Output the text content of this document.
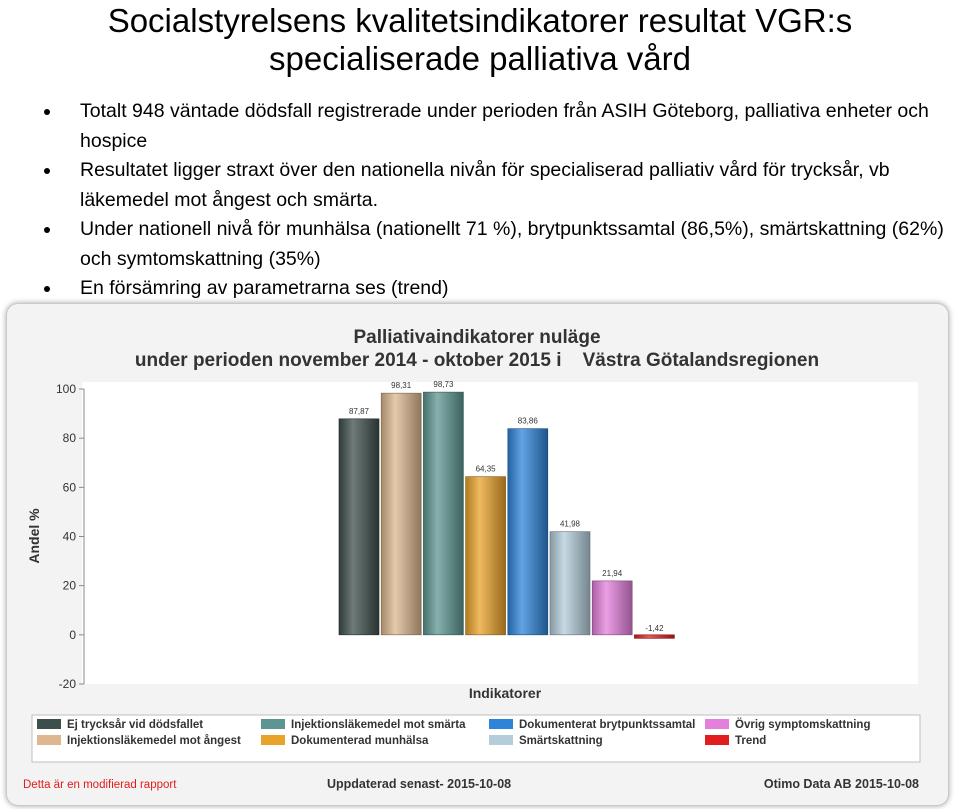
Socialstyrelsens kvalitetsindikatorer resultat VGR:s
specialiserade palliativa vård
Totalt 948 väntade dödsfall registrerade under perioden från ASIH Göteborg, palliativa enheter och hospice
Resultatet ligger straxt över den nationella nivån för specialiserad palliativ vård för trycksår, vb läkemedel mot ångest och smärta.
Under nationell nivå för munhälsa (nationellt 71 %), brytpunktssamtal (86,5%), smärtskattning (62%) och symtomskattning (35%)
En försämring av parametrarna ses (trend)
Palliativaindikatorer nuläge
under perioden november 2014 - oktober 2015 i    Västra Götalandsregionen
Andel %
Indikatorer
-20
0
20
40
60
80
100
87,87
98,31	98,73
64,35
83,86
41,98
21,94
-1,42
Ej trycksår vid dödsfallet
Injektionsläkemedel mot ångest
Injektionsläkemedel mot smärta
Dokumenterad munhälsa
Dokumenterat brytpunktssamtal
Smärtskattning
Övrig symptomskattning
Trend
Detta är en modifierad rapport	Uppdaterad senast- 2015-10-08	Otimo Data AB 2015-10-08
